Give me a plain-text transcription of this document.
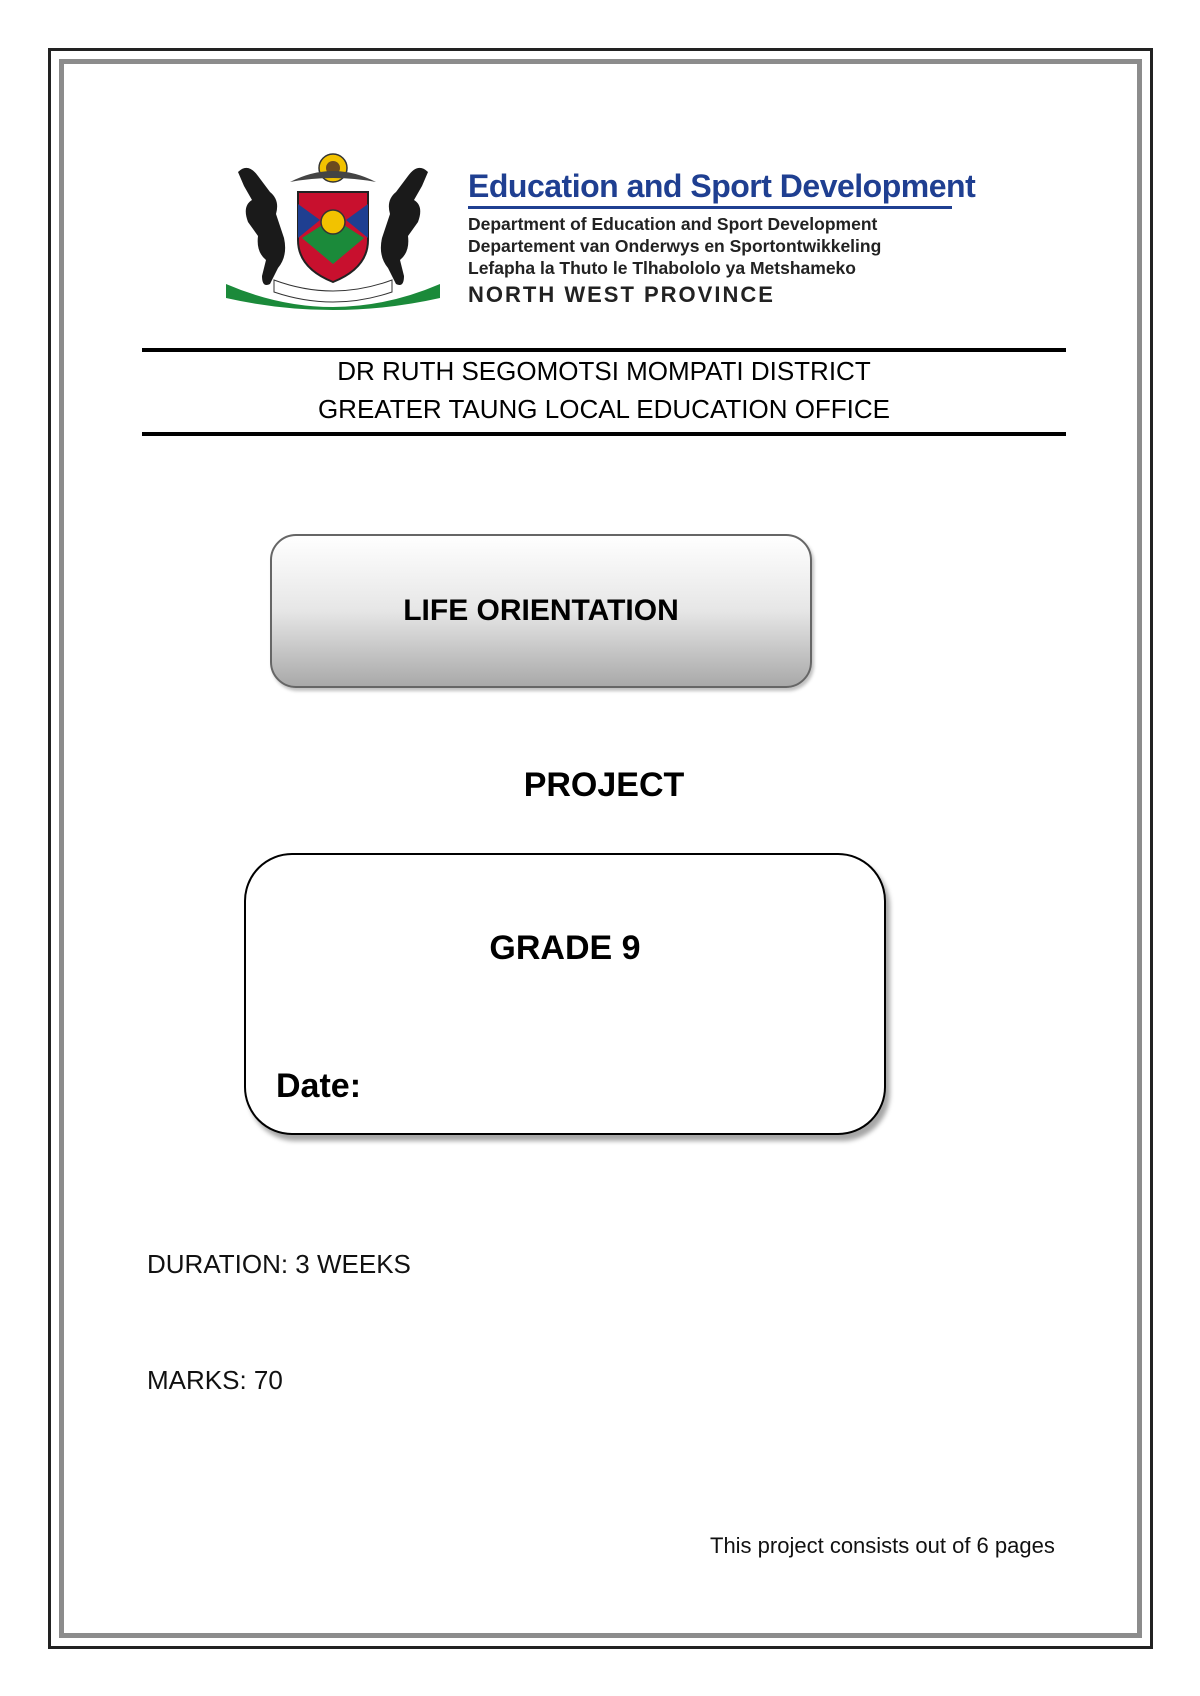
Education and Sport Development
Department of Education and Sport Development
Departement van Onderwys en Sportontwikkeling
Lefapha la Thuto le Tlhabololo ya Metshameko
NORTH WEST PROVINCE
DR RUTH SEGOMOTSI MOMPATI DISTRICT
GREATER TAUNG LOCAL EDUCATION OFFICE
LIFE ORIENTATION
PROJECT
GRADE 9
Date:
DURATION: 3 WEEKS
MARKS: 70
This project consists out of 6 pages
